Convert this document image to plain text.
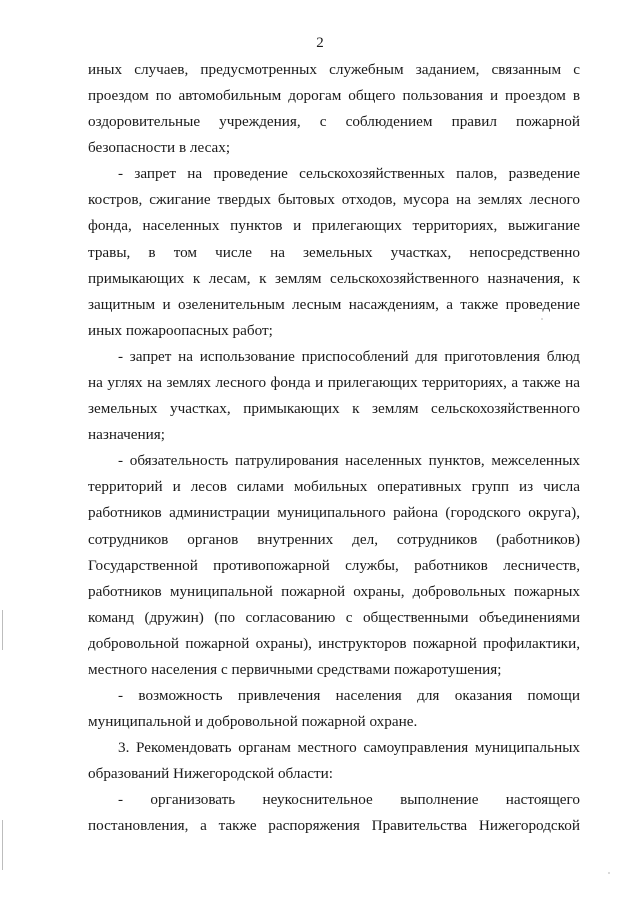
2
иных случаев, предусмотренных служебным заданием, связанным с
проездом по автомобильным дорогам общего пользования и проездом в
оздоровительные учреждения, с соблюдением правил пожарной
безопасности в лесах;
- запрет на проведение сельскохозяйственных палов, разведение
костров, сжигание твердых бытовых отходов, мусора на землях лесного
фонда, населенных пунктов и прилегающих территориях, выжигание
травы, в том числе на земельных участках, непосредственно
примыкающих к лесам, к землям сельскохозяйственного назначения, к
защитным и озеленительным лесным насаждениям, а также проведение
иных пожароопасных работ;
- запрет на использование приспособлений для приготовления блюд
на углях на землях лесного фонда и прилегающих территориях, а также на
земельных участках, примыкающих к землям сельскохозяйственного
назначения;
- обязательность патрулирования населенных пунктов, межселенных
территорий и лесов силами мобильных оперативных групп из числа
работников администрации муниципального района (городского округа),
сотрудников органов внутренних дел, сотрудников (работников)
Государственной противопожарной службы, работников лесничеств,
работников муниципальной пожарной охраны, добровольных пожарных
команд (дружин) (по согласованию с общественными объединениями
добровольной пожарной охраны), инструкторов пожарной профилактики,
местного населения с первичными средствами пожаротушения;
- возможность привлечения населения для оказания помощи
муниципальной и добровольной пожарной охране.
3. Рекомендовать органам местного самоуправления муниципальных
образований Нижегородской области:
- организовать неукоснительное выполнение настоящего
постановления, а также распоряжения Правительства Нижегородской
